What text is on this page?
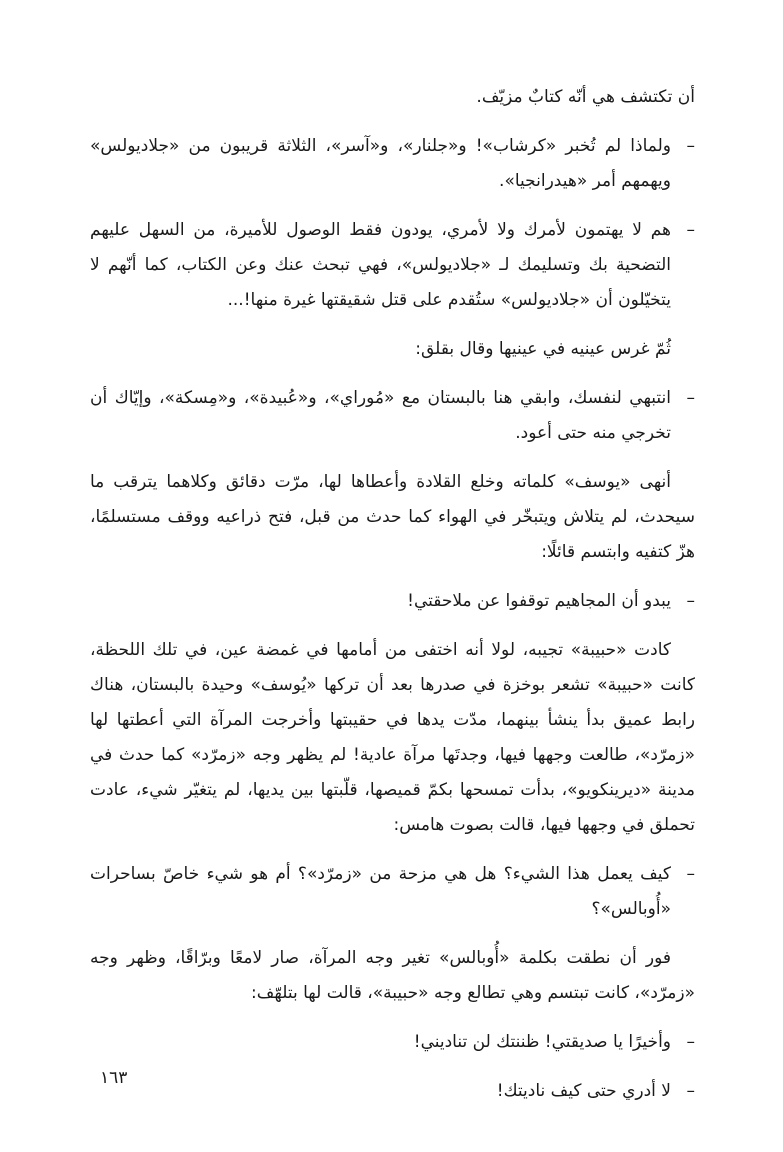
أن تكتشف هي أنّه كتابٌ مزيّف.

–
ولماذا لم تُخبر «كرشاب»! و«جلنار»، و«آسر»، الثلاثة قريبون من «جلاديولس» ويهمهم أمر «هيدرانجيا».
–
هم لا يهتمون لأمرك ولا لأمري، يودون فقط الوصول للأميرة، من السهل عليهم التضحية بك وتسليمك لـ «جلاديولس»، فهي تبحث عنك وعن الكتاب، كما أنّهم لا يتخيّلون أن «جلاديولس» ستُقدم على قتل شقيقتها غيرة منها!...

ثُمّ غرس عينيه في عينيها وقال بقلق:

–
انتبهي لنفسك، وابقي هنا بالبستان مع «مُوراي»، و«عُبيدة»، و«مِسكة»، وإيّاك أن تخرجي منه حتى أعود.

أنهى «يوسف» كلماته وخلع القلادة وأعطاها لها، مرّت دقائق وكلاهما يترقب ما سيحدث، لم يتلاش ويتبخّر في الهواء كما حدث من قبل، فتح ذراعيه ووقف مستسلمًا، هزّ كتفيه وابتسم قائلًا:

–
يبدو أن المجاهيم توقفوا عن ملاحقتي!

كادت «حبيبة» تجيبه، لولا أنه اختفى من أمامها في غمضة عين، في تلك اللحظة، كانت «حبيبة» تشعر بوخزة في صدرها بعد أن تركها «يُوسف» وحيدة بالبستان، هناك رابط عميق بدأ ينشأ بينهما، مدّت يدها في حقيبتها وأخرجت المرآة التي أعطتها لها «زمرّد»، طالعت وجهها فيها، وجدتَها مرآة عادية! لم يظهر وجه «زمرّد» كما حدث في مدينة «ديرينكويو»، بدأت تمسحها بكمّ قميصها، قلّبتها بين يديها، لم يتغيّر شيء، عادت تحملق في وجهها فيها، قالت بصوت هامس:

–
كيف يعمل هذا الشيء؟ هل هي مزحة من «زمرّد»؟ أم هو شيء خاصّ بساحرات «أُوبالس»؟

فور أن نطقت بكلمة «أُوبالس» تغير وجه المرآة، صار لامعًا وبرّاقًا، وظهر وجه «زمرّد»، كانت تبتسم وهي تطالع وجه «حبيبة»، قالت لها بتلهّف:

–
وأخيرًا يا صديقتي! ظننتك لن تناديني!
–
لا أدري حتى كيف ناديتك!
١٦٣
